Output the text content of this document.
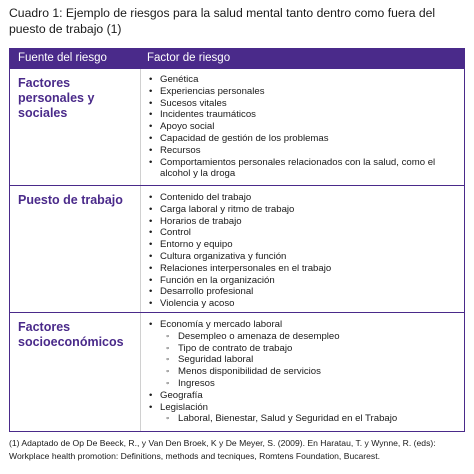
Cuadro 1: Ejemplo de riesgos para la salud mental tanto dentro como fuera del puesto de trabajo (1)
Fuente del riesgo	Factor de riesgo
Factores personales y sociales
• Genética
• Experiencias personales
• Sucesos vitales
• Incidentes traumáticos
• Apoyo social
• Capacidad de gestión de los problemas
• Recursos
• Comportamientos personales relacionados con la salud, como el alcohol y la droga
Puesto de trabajo
•	Contenido del trabajo
• Carga laboral y ritmo de trabajo
• Horarios de trabajo
• Control
• Entorno y equipo
• Cultura organizativa y función
• Relaciones interpersonales en el trabajo
• Función en la organización
• Desarrollo profesional
• Violencia y acoso
Factores socioeconómicos
• Economía y mercado laboral
◦ Desempleo o amenaza de desempleo
◦ Tipo de contrato de trabajo
◦ Seguridad laboral
◦ Menos disponibilidad de servicios
◦ Ingresos
• Geografía
• Legislación
◦ Laboral, Bienestar, Salud y Seguridad en el Trabajo
(1) Adaptado de Op De Beeck, R., y Van Den Broek, K y De Meyer, S. (2009). En Haratau, T. y Wynne, R. (eds): Workplace health promotion: Definitions, methods and tecniques, Romtens Foundation, Bucarest.
